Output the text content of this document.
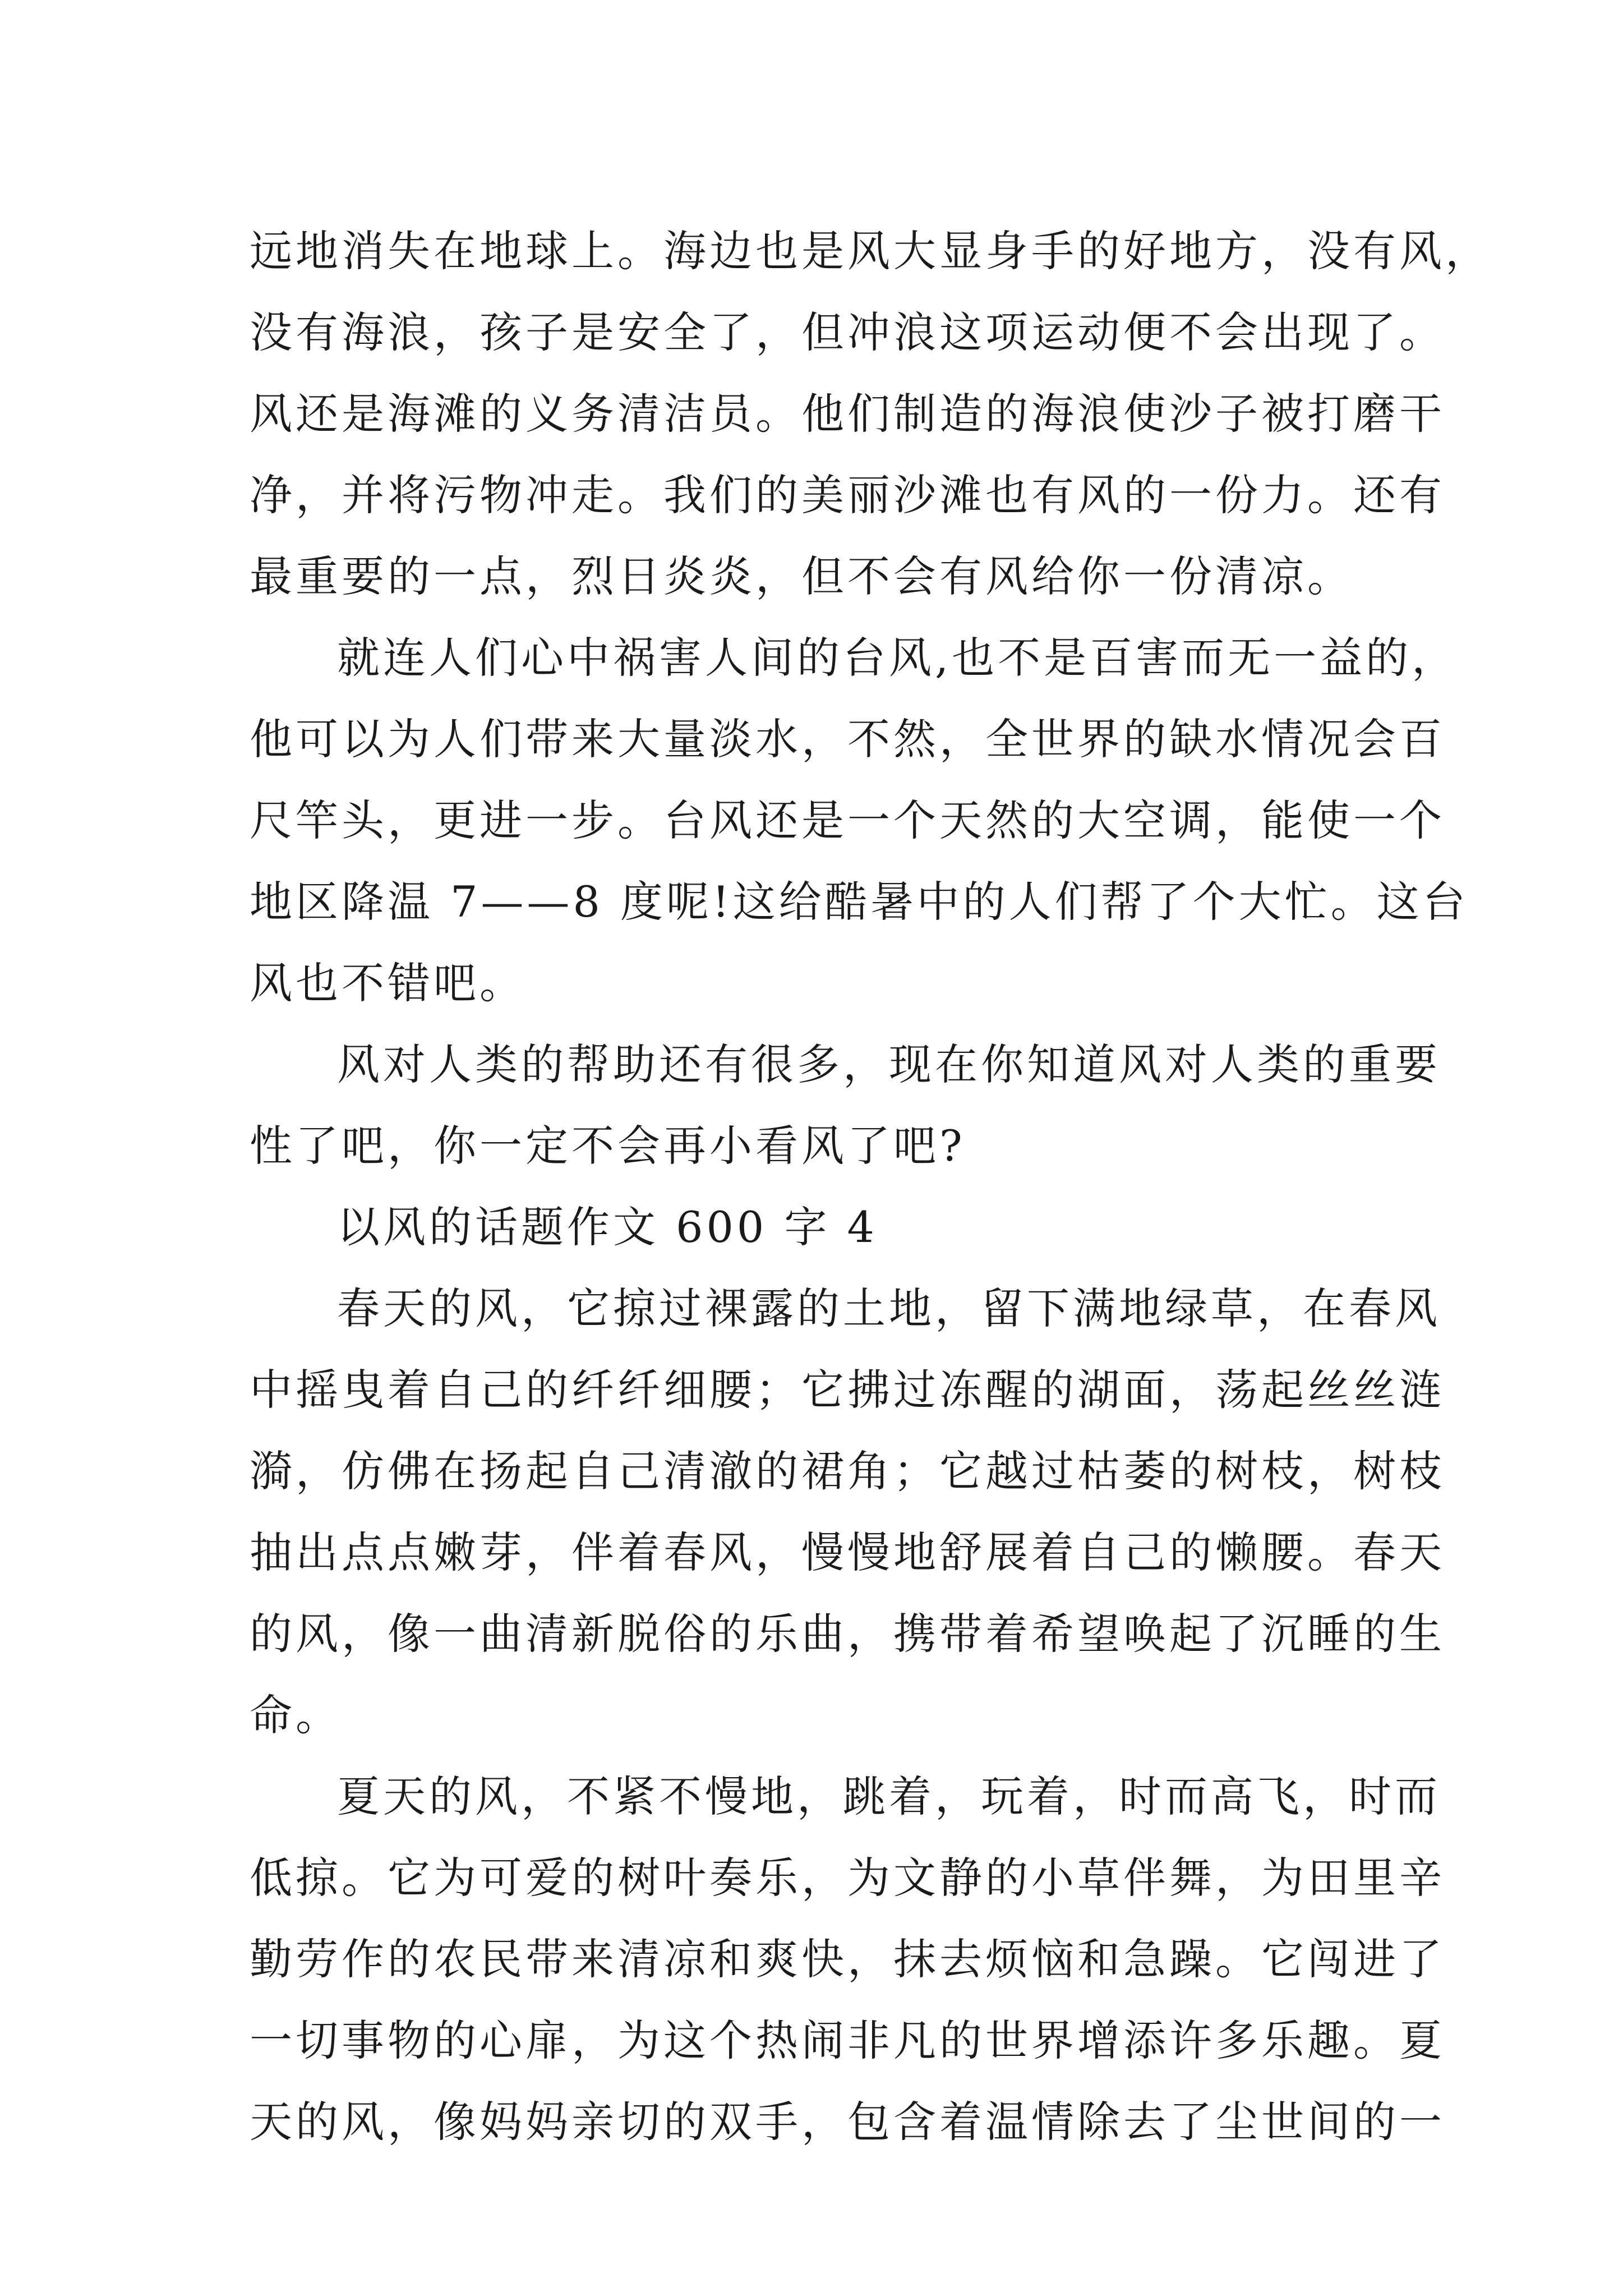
远地消失在地球上。海边也是风大显身手的好地方，没有风，
没有海浪，孩子是安全了，但冲浪这项运动便不会出现了。
风还是海滩的义务清洁员。他们制造的海浪使沙子被打磨干
净，并将污物冲走。我们的美丽沙滩也有风的一份力。还有
最重要的一点，烈日炎炎，但不会有风给你一份清凉。
就连人们心中祸害人间的台风,也不是百害而无一益的，
他可以为人们带来大量淡水，不然，全世界的缺水情况会百
尺竿头，更进一步。台风还是一个天然的大空调，能使一个
地区降温 7——8 度呢!这给酷暑中的人们帮了个大忙。这台
风也不错吧。
风对人类的帮助还有很多，现在你知道风对人类的重要
性了吧，你一定不会再小看风了吧?
以风的话题作文 600 字 4
春天的风，它掠过裸露的土地，留下满地绿草，在春风
中摇曳着自己的纤纤细腰；它拂过冻醒的湖面，荡起丝丝涟
漪，仿佛在扬起自己清澈的裙角；它越过枯萎的树枝，树枝
抽出点点嫩芽，伴着春风，慢慢地舒展着自己的懒腰。春天
的风，像一曲清新脱俗的乐曲，携带着希望唤起了沉睡的生
命。
夏天的风，不紧不慢地，跳着，玩着，时而高飞，时而
低掠。它为可爱的树叶奏乐，为文静的小草伴舞，为田里辛
勤劳作的农民带来清凉和爽快，抹去烦恼和急躁。它闯进了
一切事物的心扉，为这个热闹非凡的世界增添许多乐趣。夏
天的风，像妈妈亲切的双手，包含着温情除去了尘世间的一
